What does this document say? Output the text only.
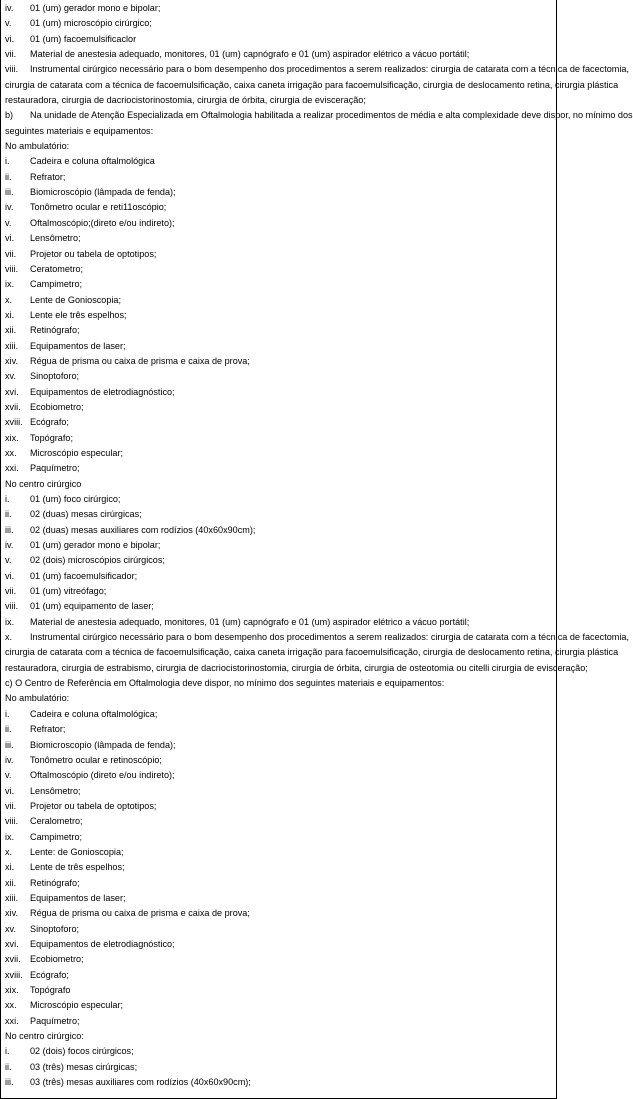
iv.	01 (um) gerador mono e bipolar;
v.	01 (um) microscópio cirúrgico;
vi.	01 (um) facoemulsificaclor
vii.	Material de anestesia adequado, monitores, 01 (um) capnógrafo e 01 (um) aspirador elétrico a vácuo portátil;
viii.	Instrumental cirúrgico necessário para o bom desempenho dos procedimentos a serem realizados: cirurgia de catarata com a técnica de facectomia,
cirurgia de catarata com a técnica de facoemulsificação, caixa caneta irrigação para facoemulsificação, cirurgia de deslocamento retina, cirurgia plástica
restauradora, cirurgia de dacriocistorinostomia, cirurgia de órbita, cirurgia de evisceração;
b)	Na unidade de Atenção Especializada em Oftalmologia habilitada a realizar procedimentos de média e alta complexidade deve dispor, no mínimo dos
seguintes materiais e equipamentos:
No ambulatório:
i.	Cadeira e coluna oftalmológica
ii.	Refrator;
iii.	Biomicroscópio (lâmpada de fenda);
iv.	Tonômetro ocular e reti11oscópio;
v.	Oftalmoscópio;(direto e/ou indireto);
vi.	Lensômetro;
vii.	Projetor ou tabela de optotipos;
viii.	Ceratometro;
ix.	Campimetro;
x.	Lente de Gonioscopia;
xi.	Lente ele três espelhos;
xii.	Retinógrafo;
xiii.	Equipamentos de laser;
xiv.	Régua de prisma ou caixa de prisma e caixa de prova;
xv.	Sinoptoforo;
xvi.	Equipamentos de eletrodiagnóstico;
xvii.	Ecobiometro;
xviii. Ecógrafo;
xix.	Topógrafo;
xx.	Microscópio especular;
xxi.	Paquímetro;
No centro cirúrgico
i.	01 (um) foco cirúrgico;
ii.	02 (duas) mesas cirúrgicas;
iii.	02 (duas) mesas auxiliares com rodízios (40x60x90cm);
iv.	01 (um) gerador mono e bipolar;
v.	02 (dois) microscópios cirúrgicos;
vi.	01 (um) facoemulsificador;
vii.	01 (um) vitreófago;
viii.	01 (um) equipamento de laser;
ix.	Material de anestesia adequado, monitores, 01 (um) capnógrafo e 01 (um) aspirador elétrico a vácuo portátil;
x.	Instrumental cirúrgico necessário para o bom desempenho dos procedimentos a serem realizados: cirurgia de catarata com a técnica de facectomia,
cirurgia de catarata com a técnica de facoemulsificação, caixa caneta irrigação para facoemulsificação, cirurgia de deslocamento retina, cirurgia plástica
restauradora, cirurgia de estrabismo, cirurgia de dacriocistorinostomia, cirurgia de órbita, cirurgia de osteotomia ou citelli cirurgia de evisceração;
c) O Centro de Referência em Oftalmologia deve dispor, no mínimo dos seguintes materiais e equipamentos:
No ambulatório:
i.	Cadeira e coluna oftalmológica;
ii.	Refrator;
iii.	Biomicroscopio (lâmpada de fenda);
iv.	Tonômetro ocular e retinoscópio;
v.	Oftalmoscópio (direto e/ou indireto);
vi.	Lensômetro;
vii.	Projetor ou tabela de optotipos;
viii.	Ceralometro;
ix.	Campimetro;
x.	Lente: de Gonioscopia;
xi.	Lente de três espelhos;
xii.	Retinógrafo;
xiii.	Equipamentos de laser;
xiv.	Régua de prisma ou caixa de prisma e caixa de prova;
xv.	Sinoptoforo;
xvi.	Equipamentos de eletrodiagnóstico;
xvii.	Ecobiometro;
xviii. Ecógrafo;
xix.	Topógrafo
xx.	Microscópio especular;
xxi.	Paquímetro;
No centro cirúrgico:
i.	02 (dois) focos cirúrgicos;
ii.	03 (três) mesas cirúrgicas;
iii.	03 (três) mesas auxiliares com rodízios (40x60x90cm);
